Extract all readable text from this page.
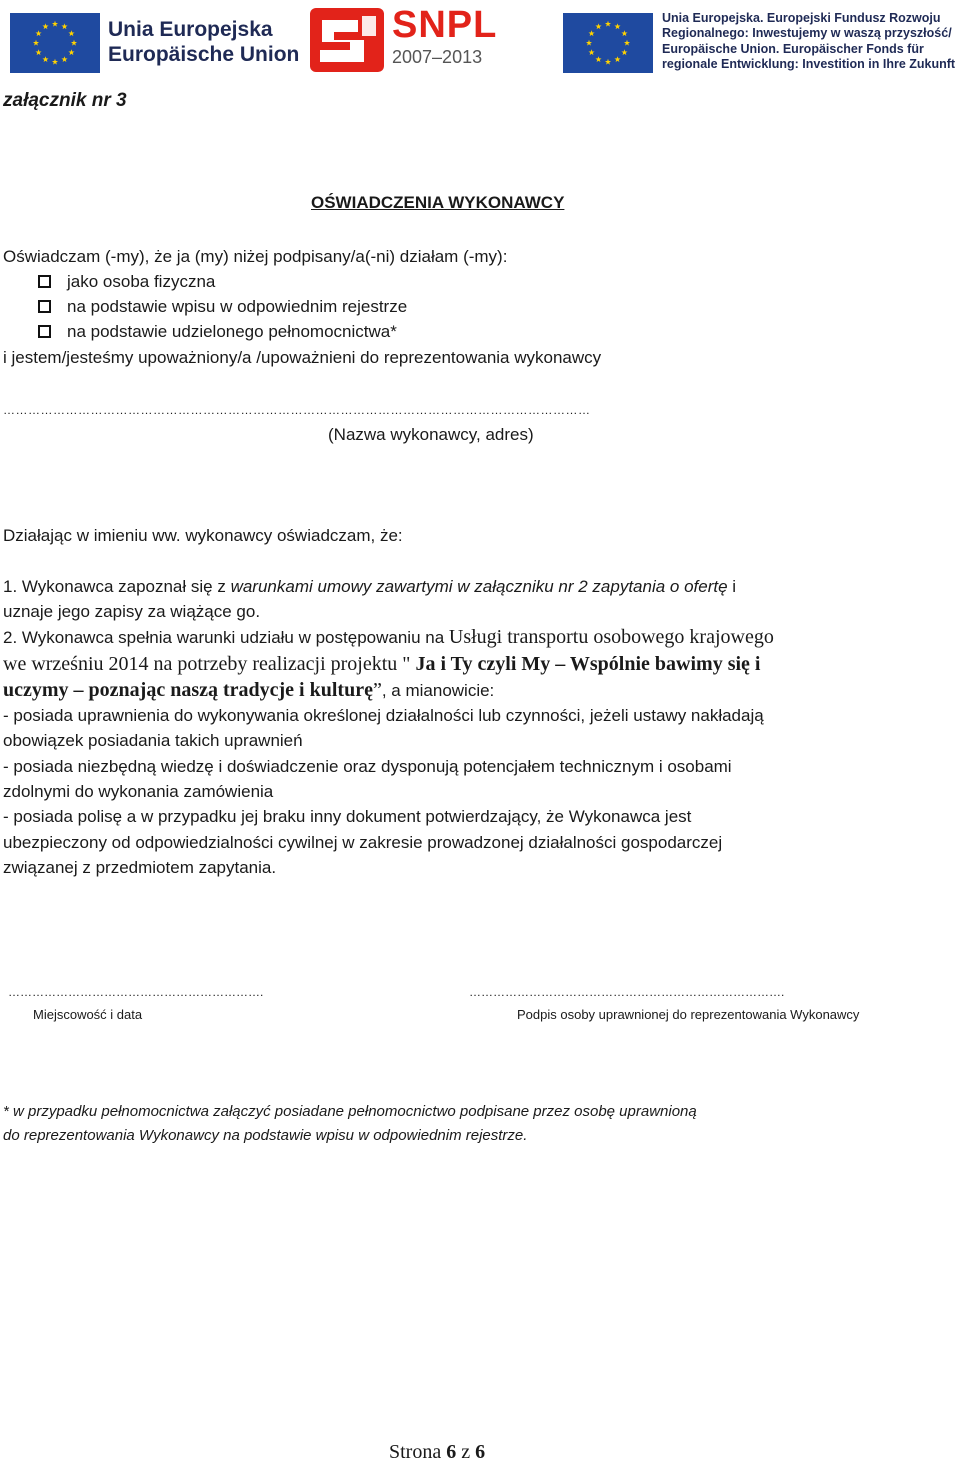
Unia Europejska
Europäische Union
SNPL
2007–2013
Unia Europejska. Europejski Fundusz Rozwoju
Regionalnego: Inwestujemy w waszą przyszłość/
Europäische Union. Europäischer Fonds für
regionale Entwicklung: Investition in Ihre Zukunft
załącznik nr 3
OŚWIADCZENIA WYKONAWCY
Oświadczam (-my), że ja (my) niżej podpisany/a(-ni) działam (-my):
jako osoba fizyczna
na podstawie wpisu w odpowiednim rejestrze
na podstawie udzielonego pełnomocnictwa*
i jestem/jesteśmy upoważniony/a /upoważnieni do reprezentowania wykonawcy
……………………………………………………………………………………………………………………………
(Nazwa wykonawcy, adres)
Działając w imieniu ww. wykonawcy oświadczam, że:
1. Wykonawca zapoznał się z warunkami umowy zawartymi w załączniku nr 2 zapytania o ofertę i
uznaje jego zapisy za wiążące go.
2. Wykonawca spełnia warunki udziału w postępowaniu na Usługi transportu osobowego krajowego
we wrześniu 2014 na potrzeby realizacji projektu " Ja i Ty czyli My – Wspólnie bawimy się i
uczymy – poznając naszą tradycje i kulturę”, a mianowicie:
- posiada uprawnienia do wykonywania określonej działalności lub czynności, jeżeli ustawy nakładają
obowiązek posiadania takich uprawnień
- posiada niezbędną wiedzę i doświadczenie oraz dysponują potencjałem technicznym i osobami
zdolnymi do wykonania zamówienia
- posiada polisę a w przypadku jej braku inny dokument potwierdzający, że Wykonawca jest
ubezpieczony od odpowiedzialności cywilnej w zakresie prowadzonej działalności gospodarczej
związanej z przedmiotem zapytania.
……………………………………………………….	…………………………………………………………………….
Miejscowość i data	Podpis osoby uprawnionej do reprezentowania Wykonawcy
* w przypadku pełnomocnictwa załączyć posiadane pełnomocnictwo podpisane przez osobę uprawnioną
do reprezentowania Wykonawcy na podstawie wpisu w odpowiednim rejestrze.
Strona 6 z 6
